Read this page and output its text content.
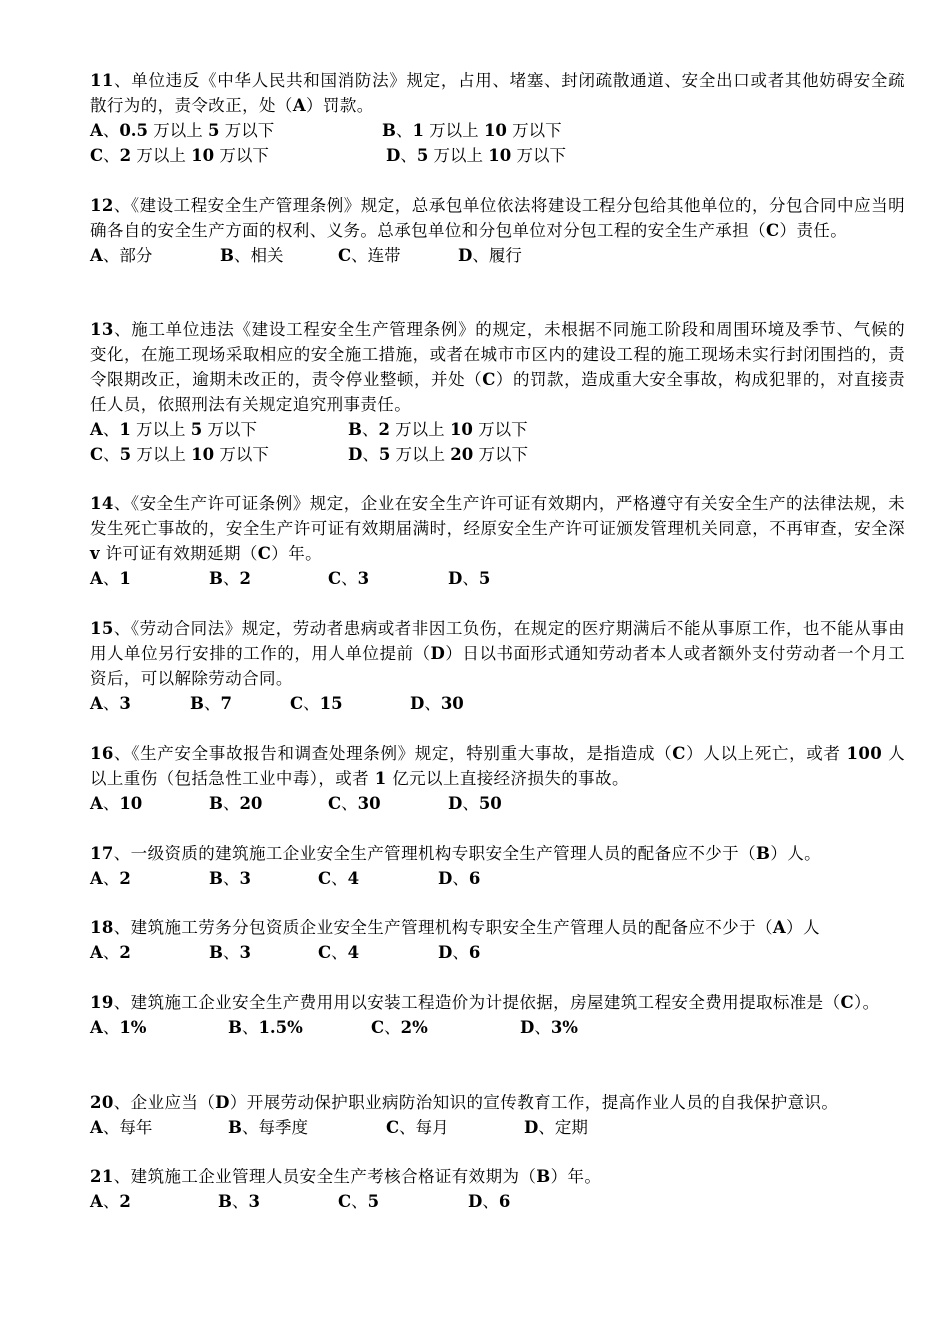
11、单位违反《中华人民共和国消防法》规定，占用、堵塞、封闭疏散通道、安全出口或者其他妨碍安全疏散行为的，责令改正，处（A）罚款。

A、0.5 万以上 5 万以下	B、1 万以上 10 万以下
C、2 万以上 10 万以下	D、5 万以上 10 万以下

12、《建设工程安全生产管理条例》规定，总承包单位依法将建设工程分包给其他单位的，分包合同中应当明确各自的安全生产方面的权利、义务。总承包单位和分包单位对分包工程的安全生产承担（C）责任。

A、部分	B、相关	C、连带	D、履行

13、施工单位违法《建设工程安全生产管理条例》的规定，未根据不同施工阶段和周围环境及季节、气候的变化，在施工现场采取相应的安全施工措施，或者在城市市区内的建设工程的施工现场未实行封闭围挡的，责令限期改正，逾期未改正的，责令停业整顿，并处（C）的罚款，造成重大安全事故，构成犯罪的，对直接责任人员，依照刑法有关规定追究刑事责任。

A、1 万以上 5 万以下	B、2 万以上 10 万以下
C、5 万以上 10 万以下	D、5 万以上 20 万以下

14、《安全生产许可证条例》规定，企业在安全生产许可证有效期内，严格遵守有关安全生产的法律法规，未发生死亡事故的，安全生产许可证有效期届满时，经原安全生产许可证颁发管理机关同意，不再审查，安全深 v 许可证有效期延期（C）年。

A、1	B、2	C、3	D、5

15、《劳动合同法》规定，劳动者患病或者非因工负伤，在规定的医疗期满后不能从事原工作，也不能从事由用人单位另行安排的工作的，用人单位提前（D）日以书面形式通知劳动者本人或者额外支付劳动者一个月工资后，可以解除劳动合同。

A、3	B、7	C、15	D、30

16、《生产安全事故报告和调查处理条例》规定，特别重大事故，是指造成（C）人以上死亡，或者 100 人以上重伤（包括急性工业中毒），或者 1 亿元以上直接经济损失的事故。

A、10	B、20	C、30	D、50

17、一级资质的建筑施工企业安全生产管理机构专职安全生产管理人员的配备应不少于（B）人。

A、2	B、3	C、4	D、6

18、建筑施工劳务分包资质企业安全生产管理机构专职安全生产管理人员的配备应不少于（A）人

A、2	B、3	C、4	D、6

19、建筑施工企业安全生产费用用以安装工程造价为计提依据，房屋建筑工程安全费用提取标准是（C）。

A、1%	B、1.5%	C、2%	D、3%

20、企业应当（D）开展劳动保护职业病防治知识的宣传教育工作，提高作业人员的自我保护意识。

A、每年	B、每季度	C、每月	D、定期

21、建筑施工企业管理人员安全生产考核合格证有效期为（B）年。

A、2	B、3	C、5	D、6
